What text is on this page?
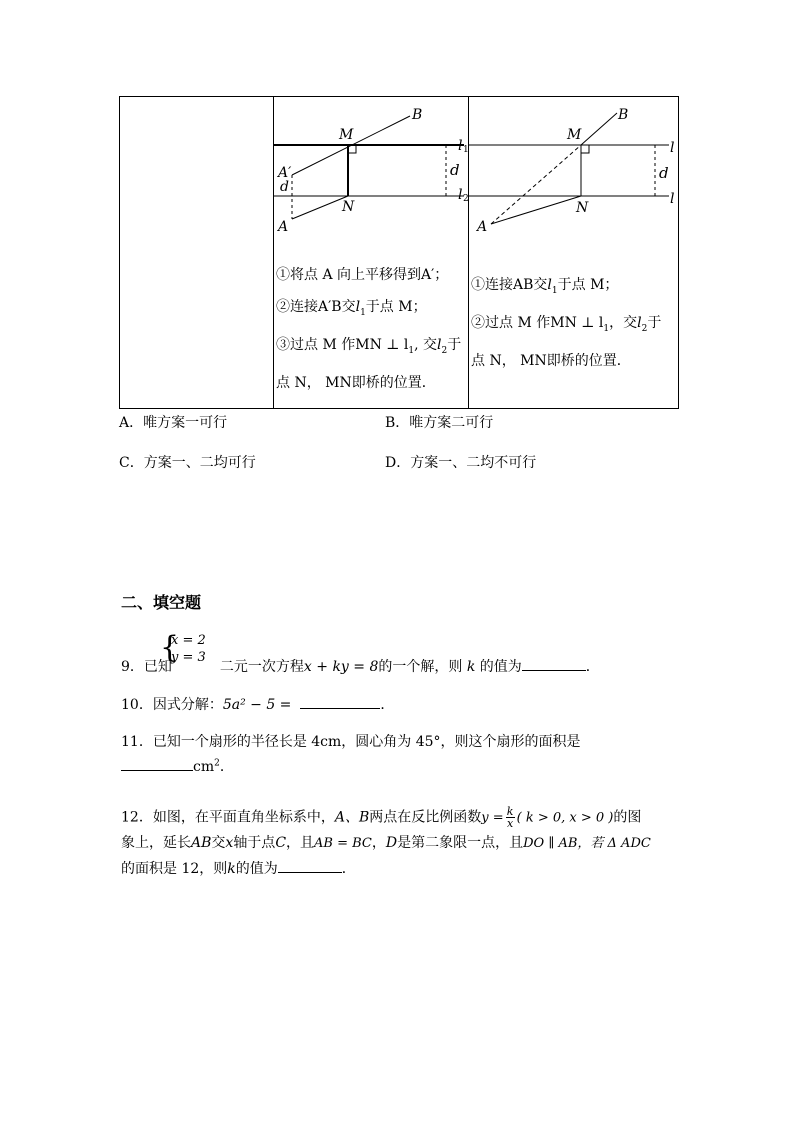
B
M
l 1
A′
d
d
l 2
N
A
①将点 A 向上平移得到A′；
②连接A′B交$l_1$于点 M；
③过点 M 作MN ⊥ $l_1$, 交$l_2$于
点 N， MN即桥的位置．

B
M
l
d
N
l
A
①连接AB交$l_1$于点 M；
②过点 M 作MN ⊥ $l_1$，交$l_2$于
点 N， MN即桥的位置．
A．唯方案一可行	B．唯方案二可行
C．方案一、二均可行	D．方案一、二均不可行
二、填空题
{
x = 2
y = 3
9．已知	二元一次方程x + ky = 8的一个解，则 k 的值为	．
10．因式分解：5a² − 5 =	．
11．已知一个扇形的半径长是 4cm，圆心角为 45°，则这个扇形的面积是
$cm^2$．
12．如图，在平面直角坐标系中，A、B两点在反比例函数$y = \frac{k}{x}$ ( k > 0, x > 0 )的图
象上，延长AB交x轴于点C，且AB = BC，D是第二象限一点，且DO ∥ AB，若 Δ ADC
的面积是 12，则k的值为	．
